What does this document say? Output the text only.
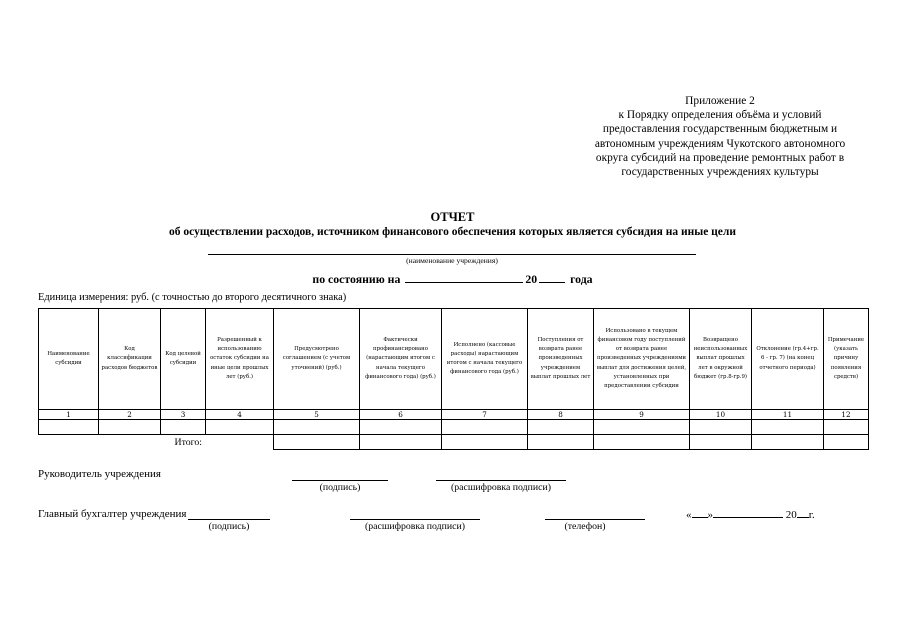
Приложение 2
к Порядку определения объёма и условий
предоставления государственным бюджетным и
автономным учреждениям Чукотского автономного
округа субсидий на проведение ремонтных работ в
государственных учреждениях культуры
ОТЧЕТ
об осуществлении расходов, источником финансового обеспечения которых является субсидия на иные цели
(наименование учреждения)
по состоянию на	20	года
Единица измерения: руб. (с точностью до второго десятичного знака)
Наименование субсидии	Код классификации расходов бюджетов	Код целевой субсидии	Разрешенный к использованию остаток субсидии на иные цели прошлых лет (руб.)	Предусмотрено соглашением (с учетом уточнений) (руб.)	Фактически профинансировано (нарастающим итогом с начала текущего финансового года) (руб.)	Исполнено (кассовые расходы) нарастающим итогом с начала текущего финансового года (руб.)	Поступления от возврата ранее произведенных учреждением выплат прошлых лет	Использовано в текущем финансовом году поступлений от возврата ранее произведенных учреждениями выплат для достижения целей, установленных при предоставлении субсидии	Возвращено неиспользованных выплат прошлых лет в окружной бюджет (гр.8-гр.9)	Отклонение (гр.4+гр. 6 - гр. 7) (на конец отчетного периода)	Примечание (указать причину появления средств)
1	2	3	4	5	6	7	8	9	10	11	12

		Итого:									
Руководитель учреждения
(подпись)	(расшифровка подписи)
Главный бухгалтер учреждения
(подпись)	(расшифровка подписи)	(телефон)
« »	20 г.
